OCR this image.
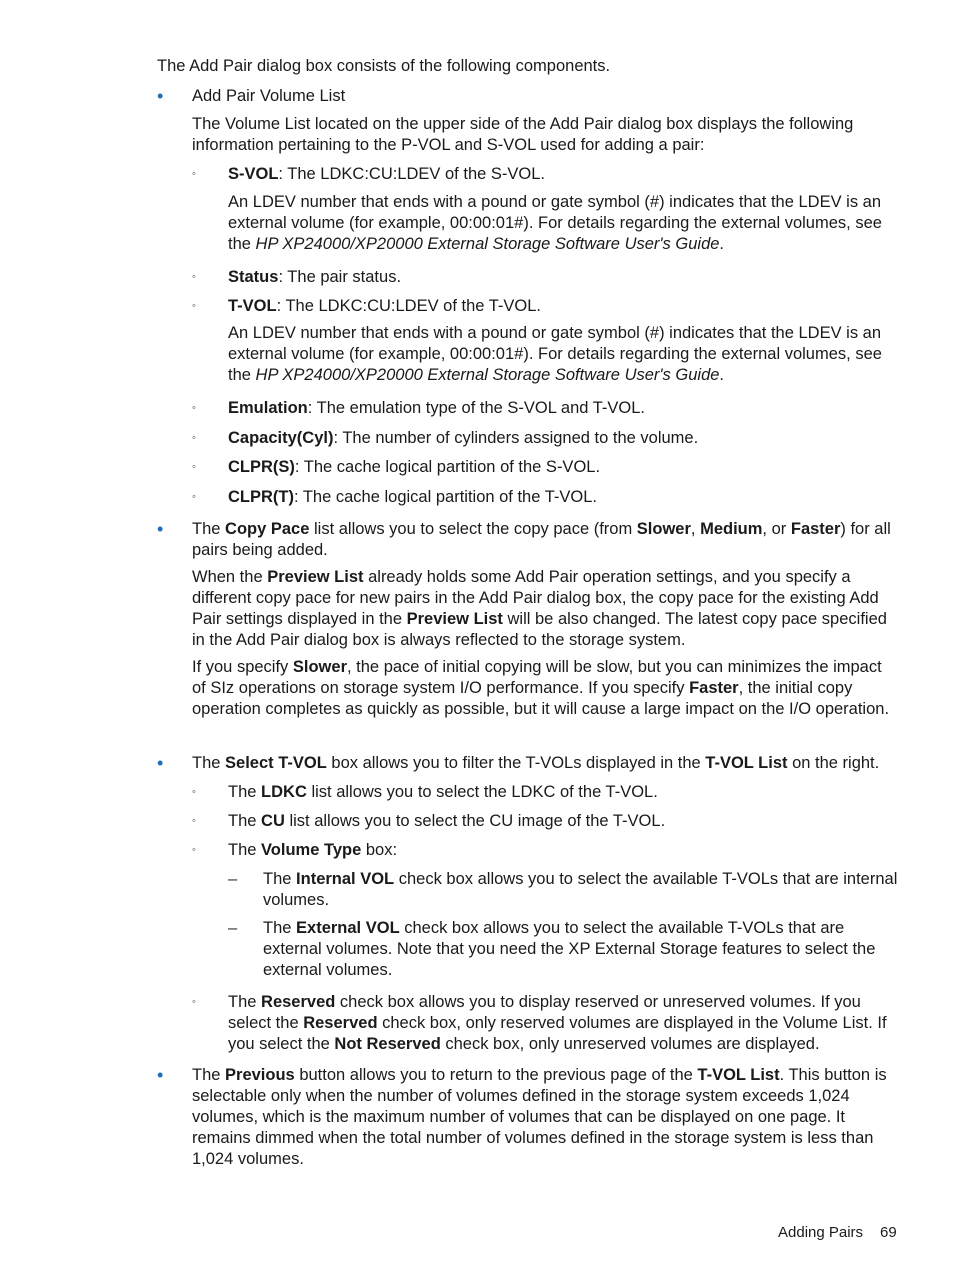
The Add Pair dialog box consists of the following components.

•

Add Pair Volume List

The Volume List located on the upper side of the Add Pair dialog box displays the following information pertaining to the P-VOL and S-VOL used for adding a pair:

◦

S-VOL: The LDKC:CU:LDEV of the S-VOL.

An LDEV number that ends with a pound or gate symbol (#) indicates that the LDEV is an external volume (for example, 00:00:01#). For details regarding the external volumes, see the HP XP24000/XP20000 External Storage Software User's Guide.

◦

Status: The pair status.

◦

T-VOL: The LDKC:CU:LDEV of the T-VOL.

An LDEV number that ends with a pound or gate symbol (#) indicates that the LDEV is an external volume (for example, 00:00:01#). For details regarding the external volumes, see the HP XP24000/XP20000 External Storage Software User's Guide.

◦

Emulation: The emulation type of the S-VOL and T-VOL.

◦

Capacity(Cyl): The number of cylinders assigned to the volume.

◦

CLPR(S): The cache logical partition of the S-VOL.

◦

CLPR(T): The cache logical partition of the T-VOL.

•

The Copy Pace list allows you to select the copy pace (from Slower, Medium, or Faster) for all pairs being added.

When the Preview List already holds some Add Pair operation settings, and you specify a different copy pace for new pairs in the Add Pair dialog box, the copy pace for the existing Add Pair settings displayed in the Preview List will be also changed. The latest copy pace specified in the Add Pair dialog box is always reflected to the storage system.

If you specify Slower, the pace of initial copying will be slow, but you can minimizes the impact of SIz operations on storage system I/O performance. If you specify Faster, the initial copy operation completes as quickly as possible, but it will cause a large impact on the I/O operation.

•

The Select T-VOL box allows you to filter the T-VOLs displayed in the T-VOL List on the right.

◦

The LDKC list allows you to select the LDKC of the T-VOL.

◦

The CU list allows you to select the CU image of the T-VOL.

◦

The Volume Type box:

–

The Internal VOL check box allows you to select the available T-VOLs that are internal volumes.

–

The External VOL check box allows you to select the available T-VOLs that are external volumes. Note that you need the XP External Storage features to select the external volumes.

◦

The Reserved check box allows you to display reserved or unreserved volumes. If you select the Reserved check box, only reserved volumes are displayed in the Volume List. If you select the Not Reserved check box, only unreserved volumes are displayed.

•

The Previous button allows you to return to the previous page of the T-VOL List. This button is selectable only when the number of volumes defined in the storage system exceeds 1,024 volumes, which is the maximum number of volumes that can be displayed on one page. It remains dimmed when the total number of volumes defined in the storage system is less than 1,024 volumes.

Adding Pairs 69
